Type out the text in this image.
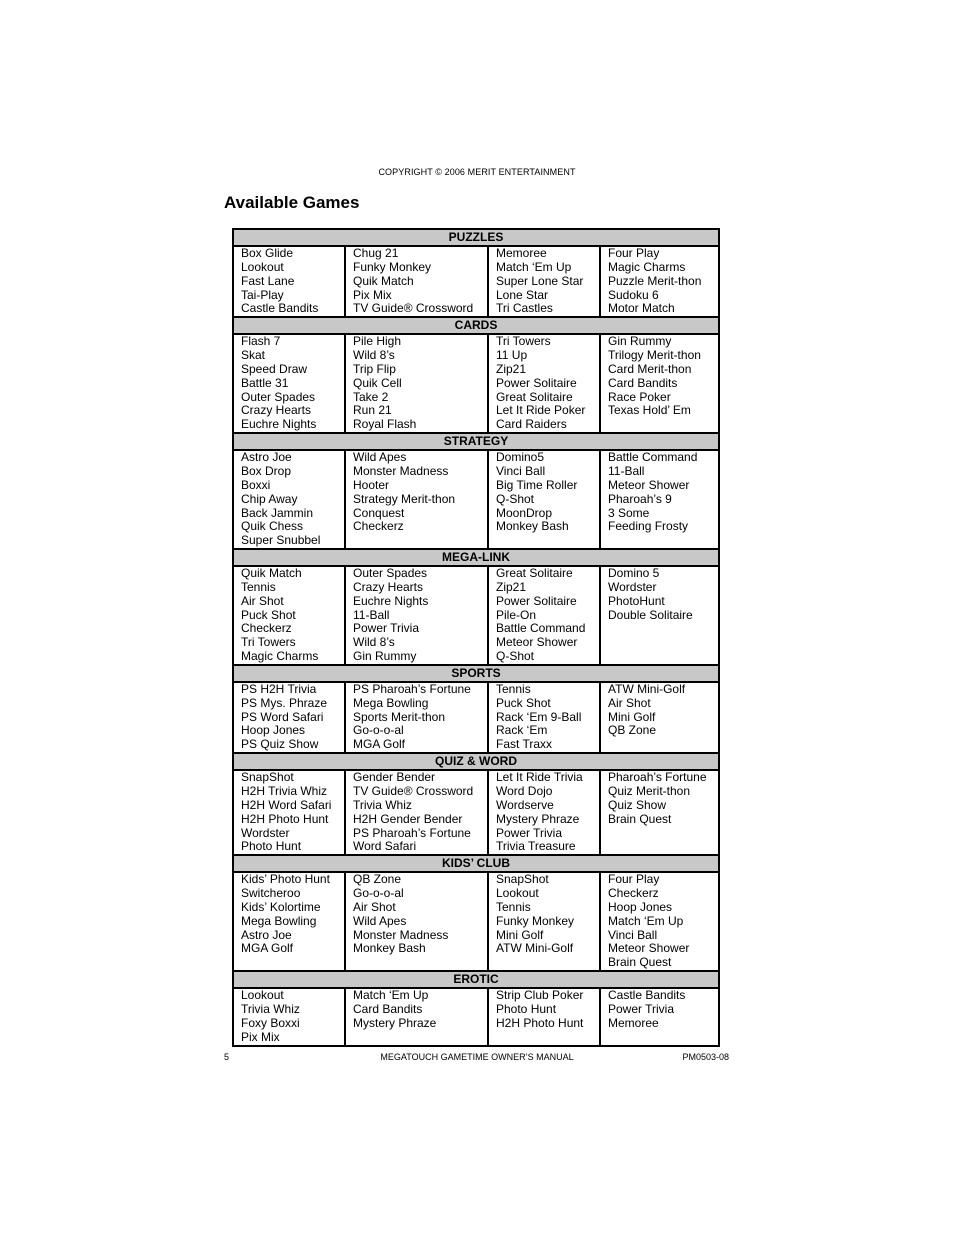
COPYRIGHT © 2006 MERIT ENTERTAINMENT
Available Games
PUZZLES
Box Glide
Lookout
Fast Lane
Tai-Play
Castle Bandits
Chug 21
Funky Monkey
Quik Match
Pix Mix
TV Guide® Crossword
Memoree
Match ‘Em Up
Super Lone Star
Lone Star
Tri Castles
Four Play
Magic Charms
Puzzle Merit-thon
Sudoku 6
Motor Match
CARDS
Flash 7
Skat
Speed Draw
Battle 31
Outer Spades
Crazy Hearts
Euchre Nights
Pile High
Wild 8’s
Trip Flip
Quik Cell
Take 2
Run 21
Royal Flash
Tri Towers
11 Up
Zip21
Power Solitaire
Great Solitaire
Let It Ride Poker
Card Raiders
Gin Rummy
Trilogy Merit-thon
Card Merit-thon
Card Bandits
Race Poker
Texas Hold’ Em
STRATEGY
Astro Joe
Box Drop
Boxxi
Chip Away
Back Jammin
Quik Chess
Super Snubbel
Wild Apes
Monster Madness
Hooter
Strategy Merit-thon
Conquest
Checkerz
Domino5
Vinci Ball
Big Time Roller
Q-Shot
MoonDrop
Monkey Bash
Battle Command
11-Ball
Meteor Shower
Pharoah’s 9
3 Some
Feeding Frosty
MEGA-LINK
Quik Match
Tennis
Air Shot
Puck Shot
Checkerz
Tri Towers
Magic Charms
Outer Spades
Crazy Hearts
Euchre Nights
11-Ball
Power Trivia
Wild 8’s
Gin Rummy
Great Solitaire
Zip21
Power Solitaire
Pile-On
Battle Command
Meteor Shower
Q-Shot
Domino 5
Wordster
PhotoHunt
Double Solitaire
SPORTS
PS H2H Trivia
PS Mys. Phraze
PS Word Safari
Hoop Jones
PS Quiz Show
PS Pharoah’s Fortune
Mega Bowling
Sports Merit-thon
Go-o-o-al
MGA Golf
Tennis
Puck Shot
Rack ‘Em 9-Ball
Rack ‘Em
Fast Traxx
ATW Mini-Golf
Air Shot
Mini Golf
QB Zone
QUIZ & WORD
SnapShot
H2H Trivia Whiz
H2H Word Safari
H2H Photo Hunt
Wordster
Photo Hunt
Gender Bender
TV Guide® Crossword
Trivia Whiz
H2H Gender Bender
PS Pharoah’s Fortune
Word Safari
Let It Ride Trivia
Word Dojo
Wordserve
Mystery Phraze
Power Trivia
Trivia Treasure
Pharoah’s Fortune
Quiz Merit-thon
Quiz Show
Brain Quest
KIDS’ CLUB
Kids’ Photo Hunt
Switcheroo
Kids’ Kolortime
Mega Bowling
Astro Joe
MGA Golf
QB Zone
Go-o-o-al
Air Shot
Wild Apes
Monster Madness
Monkey Bash
SnapShot
Lookout
Tennis
Funky Monkey
Mini Golf
ATW Mini-Golf
Four Play
Checkerz
Hoop Jones
Match ‘Em Up
Vinci Ball
Meteor Shower
Brain Quest
EROTIC
Lookout
Trivia Whiz
Foxy Boxxi
Pix Mix
Match ‘Em Up
Card Bandits
Mystery Phraze
Strip Club Poker
Photo Hunt
H2H Photo Hunt
Castle Bandits
Power Trivia
Memoree
5	MEGATOUCH GAMETIME OWNER’S MANUAL	PM0503-08
